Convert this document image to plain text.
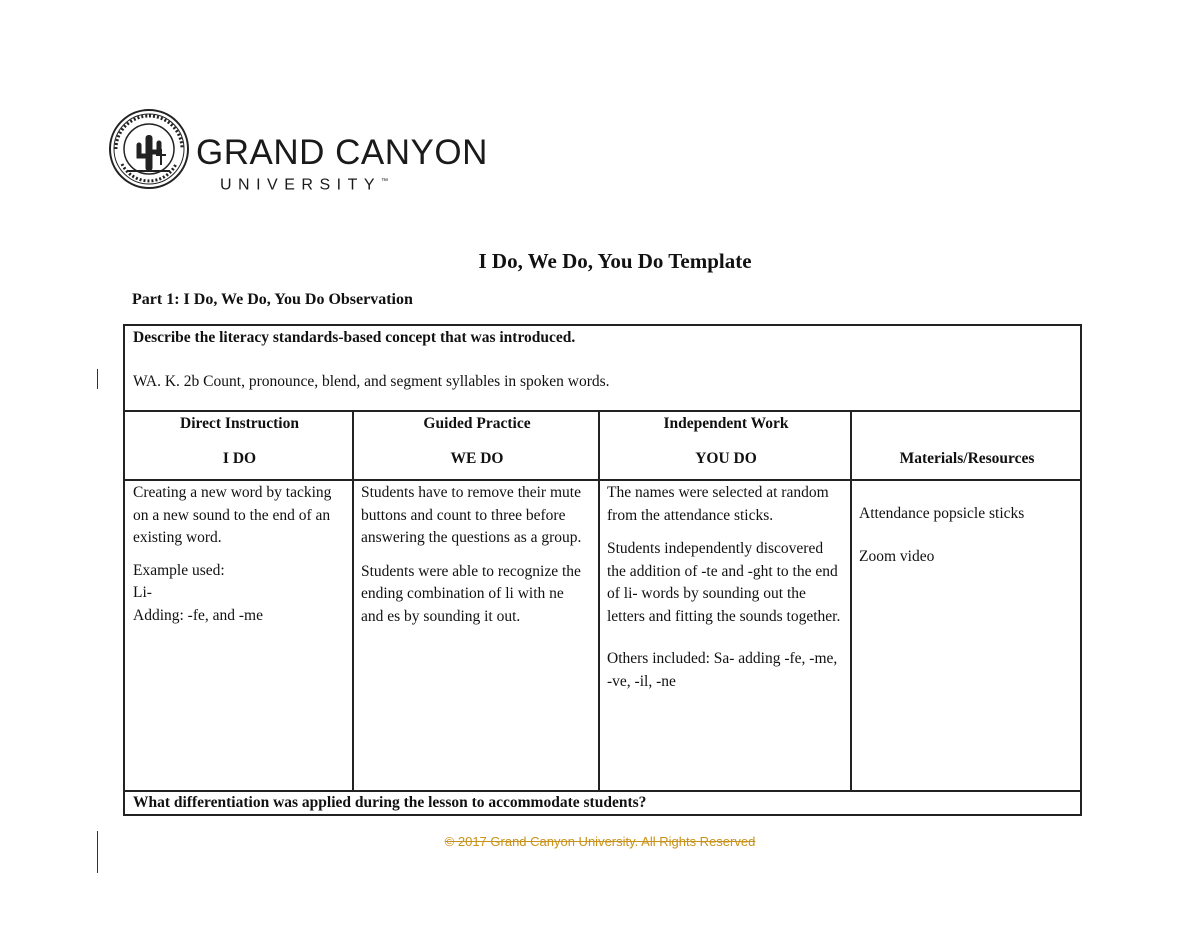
GRAND CANYON
UNIVERSITY™
I Do, We Do, You Do Template
Part 1: I Do, We Do, You Do Observation
Describe the literacy standards-based concept that was introduced.
WA. K. 2b Count, pronounce, blend, and segment syllables in spoken words.
Direct Instruction
I DO
Guided Practice
WE DO
Independent Work
YOU DO	Materials/Resources
Creating a new word by tacking on a new sound to the end of an existing word.
Example used:
Li-
Adding: -fe, and -me
Students have to remove their mute buttons and count to three before answering the questions as a group.
Students were able to recognize the ending combination of li with ne and es by sounding it out.
The names were selected at random from the attendance sticks.
Students independently discovered the addition of -te and -ght to the end of li- words by sounding out the letters and fitting the sounds together.
Others included: Sa- adding -fe, -me, -ve, -il, -ne
Attendance popsicle sticks
Zoom video
What differentiation was applied during the lesson to accommodate students?
© 2017 Grand Canyon University. All Rights Reserved
